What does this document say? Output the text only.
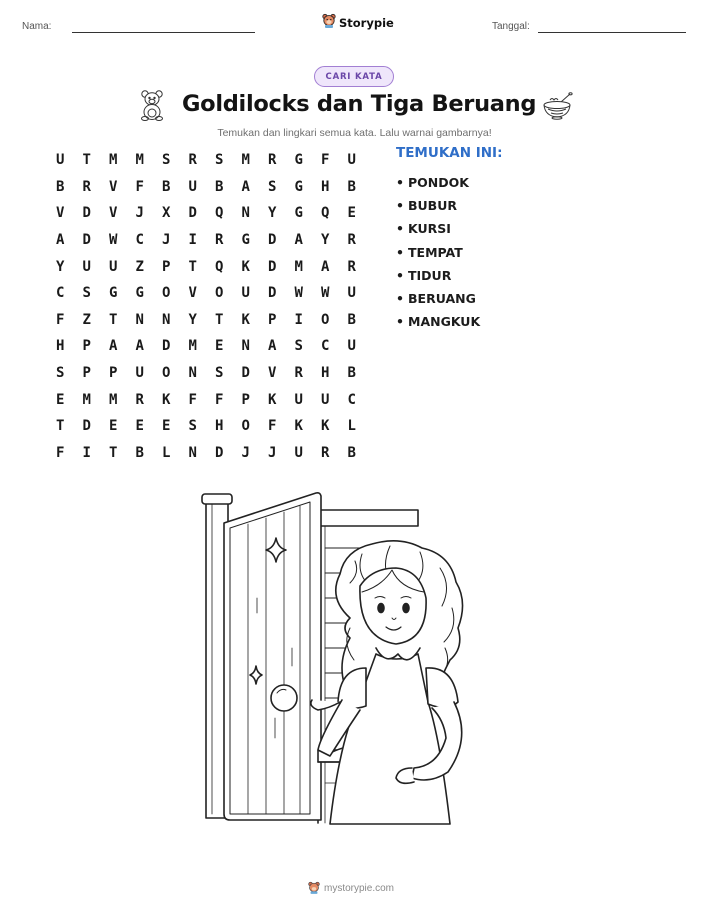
Nama:	Storypie	Tanggal:
CARI KATA
Goldilocks dan Tiga Beruang
Temukan dan lingkari semua kata. Lalu warnai gambarnya!
U	T	M	M	S	R	S	M	R	G	F	U
B	R	V	F	B	U	B	A	S	G	H	B
V	D	V	J	X	D	Q	N	Y	G	Q	E
A	D	W	C	J	I	R	G	D	A	Y	R
Y	U	U	Z	P	T	Q	K	D	M	A	R
C	S	G	G	O	V	O	U	D	W	W	U
F	Z	T	N	N	Y	T	K	P	I	O	B
H	P	A	A	D	M	E	N	A	S	C	U
S	P	P	U	O	N	S	D	V	R	H	B
E	M	M	R	K	F	F	P	K	U	U	C
T	D	E	E	E	S	H	O	F	K	K	L
F	I	T	B	L	N	D	J	J	U	R	B
TEMUKAN INI:
• PONDOK
• BUBUR
• KURSI
• TEMPAT
• TIDUR
• BERUANG
• MANGKUK
mystorypie.com
